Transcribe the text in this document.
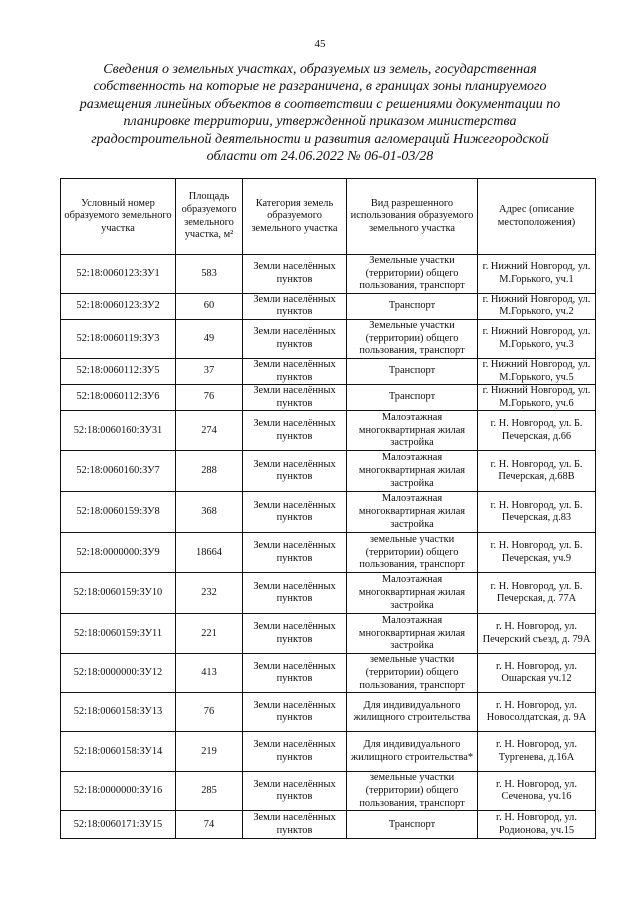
45
Сведения о земельных участках, образуемых из земель, государственная собственность на которые не разграничена, в границах зоны планируемого размещения линейных объектов в соответствии с решениями документации по планировке территории, утвержденной приказом министерства градостроительной деятельности и развития агломераций Нижегородской области от 24.06.2022 № 06-01-03/28
Условный номер образуемого земельного участка	Площадь образуемого земельного участка, м²	Категория земель образуемого земельного участка	Вид разрешенного использования образуемого земельного участка	Адрес (описание местоположения)
52:18:0060123:ЗУ1	583	Земли населённых пунктов	Земельные участки (территории) общего пользования, транспорт	г. Нижний Новгород, ул. М.Горького, уч.1
52:18:0060123:ЗУ2	60	Земли населённых пунктов	Транспорт	г. Нижний Новгород, ул. М.Горького, уч.2
52:18:0060119:ЗУ3	49	Земли населённых пунктов	Земельные участки (территории) общего пользования, транспорт	г. Нижний Новгород, ул. М.Горького, уч.3
52:18:0060112:ЗУ5	37	Земли населённых пунктов	Транспорт	г. Нижний Новгород, ул. М.Горького, уч.5
52:18:0060112:ЗУ6	76	Земли населённых пунктов	Транспорт	г. Нижний Новгород, ул. М.Горького, уч.6
52:18:0060160:ЗУ31	274	Земли населённых пунктов	Малоэтажная многоквартирная жилая застройка	г. Н. Новгород, ул. Б. Печерская, д.66
52:18:0060160:ЗУ7	288	Земли населённых пунктов	Малоэтажная многоквартирная жилая застройка	г. Н. Новгород, ул. Б. Печерская, д.68В
52:18:0060159:ЗУ8	368	Земли населённых пунктов	Малоэтажная многоквартирная жилая застройка	г. Н. Новгород, ул. Б. Печерская, д.83
52:18:0000000:ЗУ9	18664	Земли населённых пунктов	земельные участки (территории) общего пользования, транспорт	г. Н. Новгород, ул. Б. Печерская, уч.9
52:18:0060159:ЗУ10	232	Земли населённых пунктов	Малоэтажная многоквартирная жилая застройка	г. Н. Новгород, ул. Б. Печерская, д. 77А
52:18:0060159:ЗУ11	221	Земли населённых пунктов	Малоэтажная многоквартирная жилая застройка	г. Н. Новгород, ул. Печерский съезд, д. 79А
52:18:0000000:ЗУ12	413	Земли населённых пунктов	земельные участки (территории) общего пользования, транспорт	г. Н. Новгород, ул. Ошарская уч.12
52:18:0060158:ЗУ13	76	Земли населённых пунктов	Для индивидуального жилищного строительства	г. Н. Новгород, ул. Новосолдатская, д. 9А
52:18:0060158:ЗУ14	219	Земли населённых пунктов	Для индивидуального жилищного строительства*	г. Н. Новгород, ул. Тургенева, д.16А
52:18:0000000:ЗУ16	285	Земли населённых пунктов	земельные участки (территории) общего пользования, транспорт	г. Н. Новгород, ул. Сеченова, уч.16
52:18:0060171:ЗУ15	74	Земли населённых пунктов	Транспорт	г. Н. Новгород, ул. Родионова, уч.15
